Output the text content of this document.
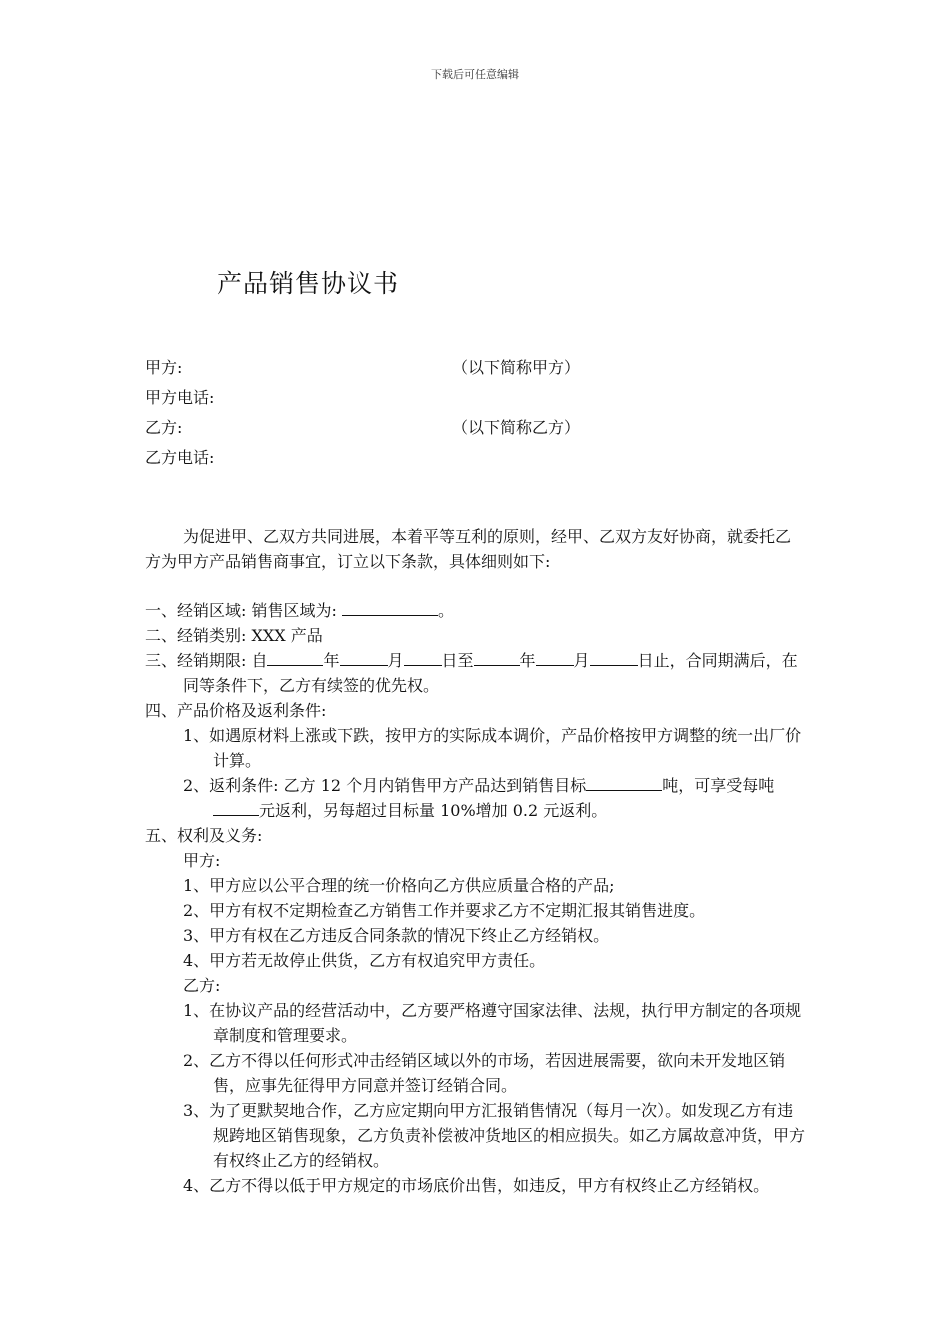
下载后可任意编辑
产品销售协议书
甲方:	（以下简称甲方）
甲方电话:
乙方:	（以下简称乙方）
乙方电话:

为促进甲、乙双方共同进展，本着平等互利的原则，经甲、乙双方友好协商，就委托乙方为甲方产品销售商事宜，订立以下条款，具体细则如下:

一、经销区域: 销售区域为:	。

二、经销类别: XXX 产品

三、经销期限: 自	年	月 日至	年 月	日止，合同期满后，在同等条件下，乙方有续签的优先权。

四、产品价格及返利条件:

1、如遇原材料上涨或下跌，按甲方的实际成本调价，产品价格按甲方调整的统一出厂价计算。

2、返利条件: 乙方 12 个月内销售甲方产品达到销售目标	吨，可享受每吨元返利，另每超过目标量 10%增加 0.2 元返利。

五、权利及义务:

甲方:

1、甲方应以公平合理的统一价格向乙方供应质量合格的产品;

2、甲方有权不定期检查乙方销售工作并要求乙方不定期汇报其销售进度。

3、甲方有权在乙方违反合同条款的情况下终止乙方经销权。

4、甲方若无故停止供货，乙方有权追究甲方责任。

乙方:

1、在协议产品的经营活动中，乙方要严格遵守国家法律、法规，执行甲方制定的各项规章制度和管理要求。

2、乙方不得以任何形式冲击经销区域以外的市场，若因进展需要，欲向未开发地区销售，应事先征得甲方同意并签订经销合同。

3、为了更默契地合作，乙方应定期向甲方汇报销售情况（每月一次）。如发现乙方有违规跨地区销售现象，乙方负责补偿被冲货地区的相应损失。如乙方属故意冲货，甲方有权终止乙方的经销权。

4、乙方不得以低于甲方规定的市场底价出售，如违反，甲方有权终止乙方经销权。
